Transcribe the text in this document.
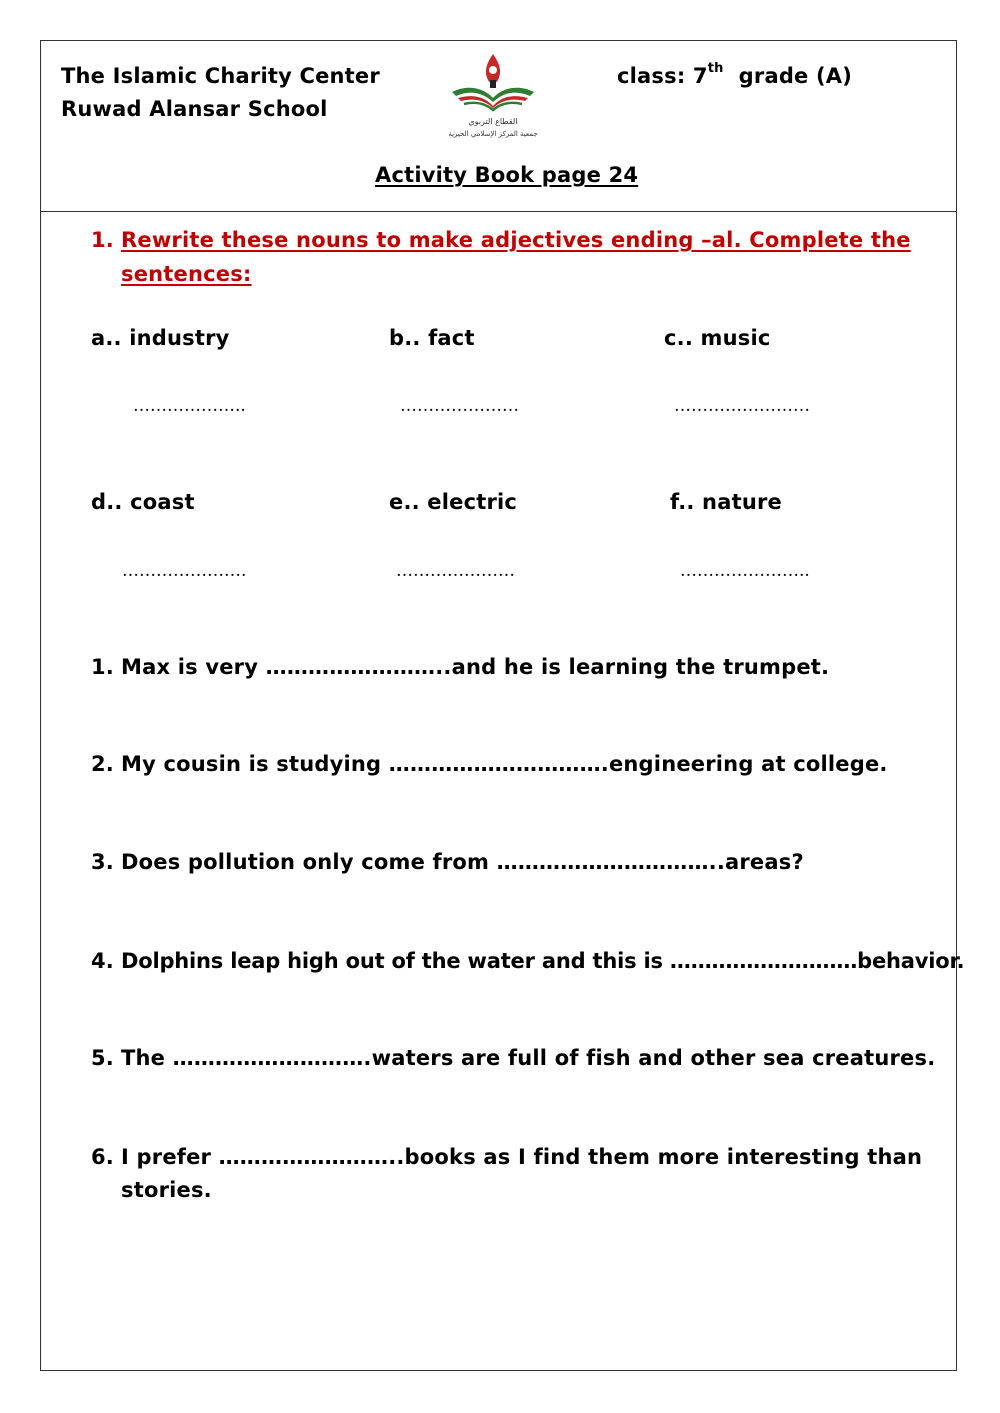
The Islamic Charity Center
Ruwad Alansar School
class: 7th grade (A)
القطاع التربوي
جمعية المركز الإسلامي الخيرية
Activity Book page 24
1. Rewrite these nouns to make adjectives ending –al. Complete the
sentences:
a.. industry	b.. fact	c.. music
………………..	…………………	……………………
d.. coast	e.. electric	f.. nature
………………….	…………………	…………………..
1. Max is very ……………………..and he is learning the trumpet.
2. My cousin is studying ………………………….engineering at college.
3. Does pollution only come from …………………………..areas?
4. Dolphins leap high out of the water and this is ………………………behavior.
5. The ……………………….waters are full of fish and other sea creatures.
6. I prefer ……………………..books as I find them more interesting than
stories.
